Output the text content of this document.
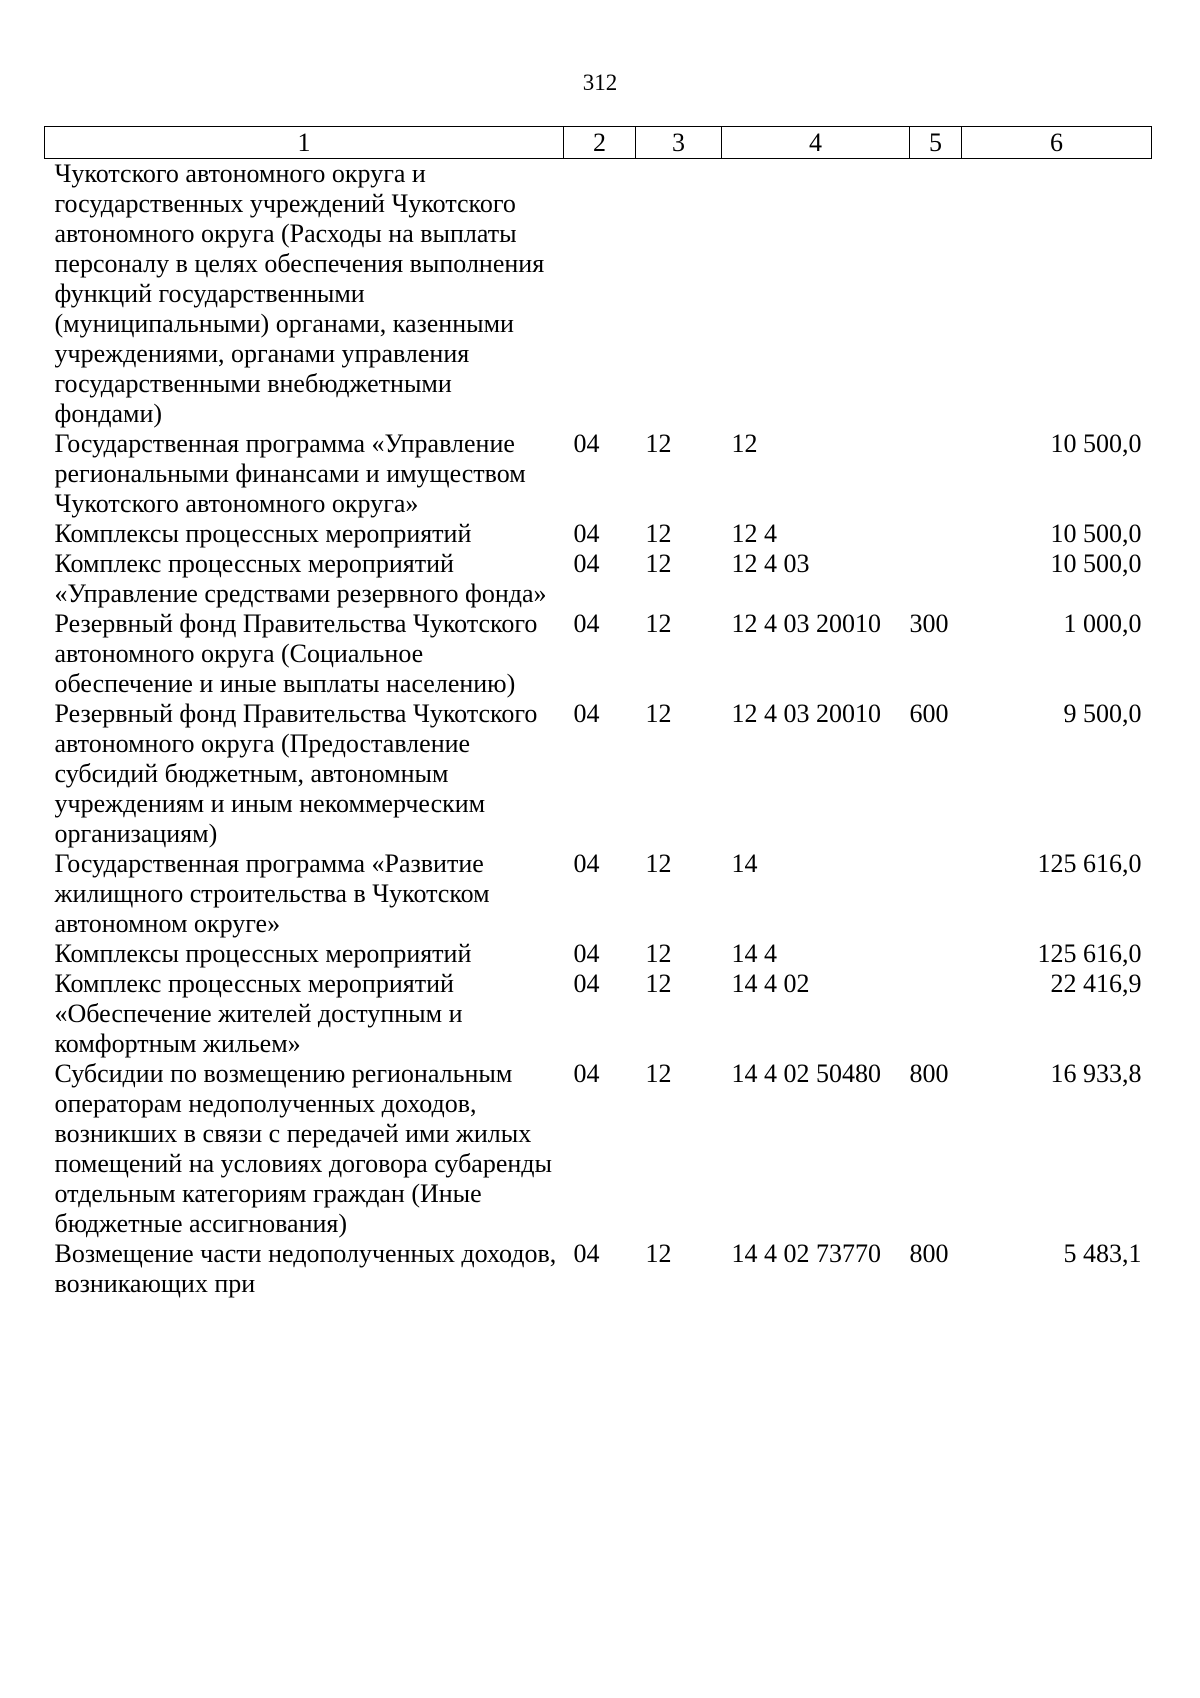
312
1	2	3	4	5	6
Чукотского автономного округа и государственных учреждений Чукотского автономного округа (Расходы на выплаты персоналу в целях обеспечения выполнения функций государственными (муниципальными) органами, казенными учреждениями, органами управления государственными внебюджетными фондами)					
Государственная программа «Управление региональными финансами и имуществом Чукотского автономного округа»	04	12	12		10 500,0
Комплексы процессных мероприятий	04	12	12 4		10 500,0
Комплекс процессных мероприятий «Управление средствами резервного фонда»	04	12	12 4 03		10 500,0
Резервный фонд Правительства Чукотского автономного округа (Социальное обеспечение и иные выплаты населению)	04	12	12 4 03 20010	300	1 000,0
Резервный фонд Правительства Чукотского автономного округа (Предоставление субсидий бюджетным, автономным учреждениям и иным некоммерческим организациям)	04	12	12 4 03 20010	600	9 500,0
Государственная программа «Развитие жилищного строительства в Чукотском автономном округе»	04	12	14		125 616,0
Комплексы процессных мероприятий	04	12	14 4		125 616,0
Комплекс процессных мероприятий «Обеспечение жителей доступным и комфортным жильем»	04	12	14 4 02		22 416,9
Субсидии по возмещению региональным операторам недополученных доходов, возникших в связи с передачей ими жилых помещений на условиях договора субаренды отдельным категориям граждан (Иные бюджетные ассигнования)	04	12	14 4 02 50480	800	16 933,8
Возмещение части недополученных доходов, возникающих при	04	12	14 4 02 73770	800	5 483,1
